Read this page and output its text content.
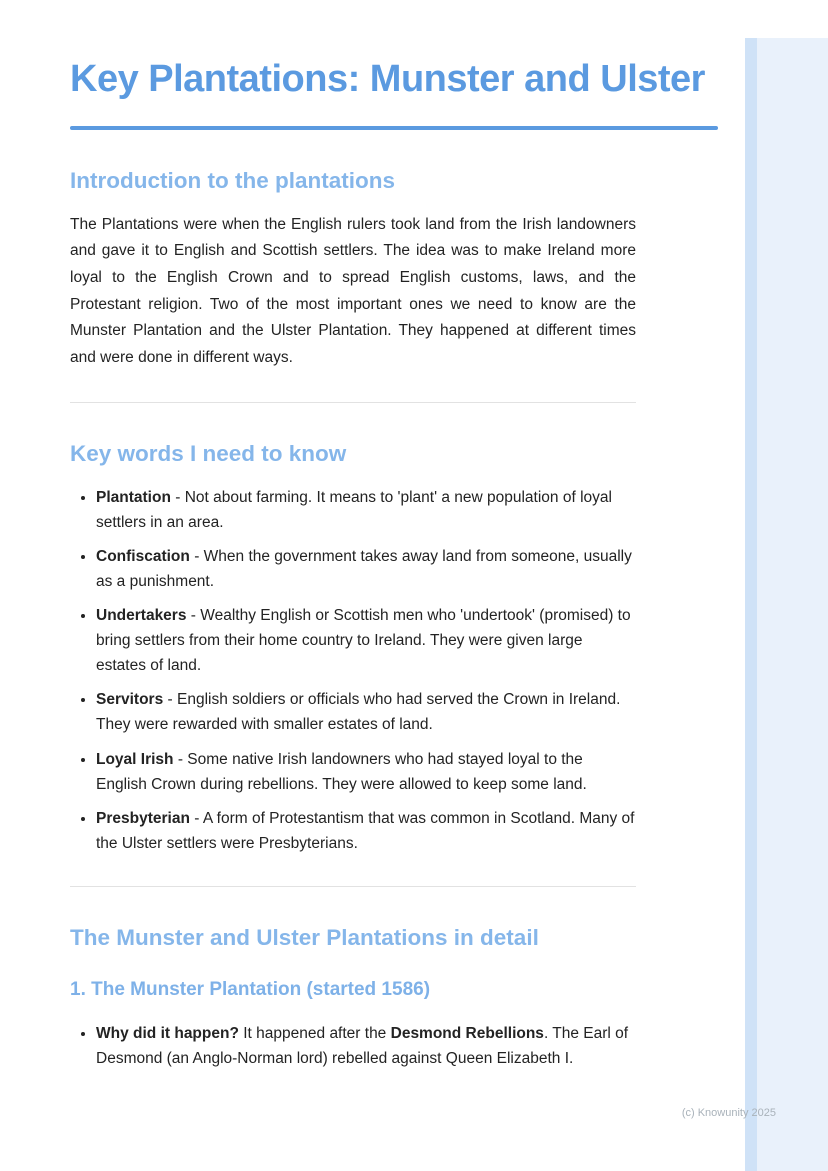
Key Plantations: Munster and Ulster
Introduction to the plantations

The Plantations were when the English rulers took land from the Irish landowners and gave it to English and Scottish settlers. The idea was to make Ireland more loyal to the English Crown and to spread English customs, laws, and the Protestant religion. Two of the most important ones we need to know are the Munster Plantation and the Ulster Plantation. They happened at different times and were done in different ways.

Key words I need to know
• Plantation - Not about farming. It means to 'plant' a new population of loyal settlers in an area.
• Confiscation - When the government takes away land from someone, usually as a punishment.
• Undertakers - Wealthy English or Scottish men who 'undertook' (promised) to bring settlers from their home country to Ireland. They were given large estates of land.
• Servitors - English soldiers or officials who had served the Crown in Ireland. They were rewarded with smaller estates of land.
• Loyal Irish - Some native Irish landowners who had stayed loyal to the English Crown during rebellions. They were allowed to keep some land.
• Presbyterian - A form of Protestantism that was common in Scotland. Many of the Ulster settlers were Presbyterians.
The Munster and Ulster Plantations in detail
1. The Munster Plantation (started 1586)
• Why did it happen? It happened after the Desmond Rebellions. The Earl of Desmond (an Anglo-Norman lord) rebelled against Queen Elizabeth I.
(c) Knowunity 2025
